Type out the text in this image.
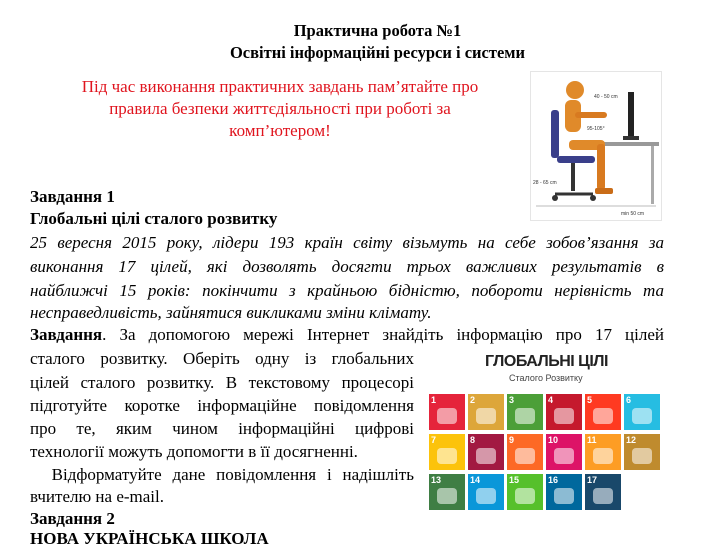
Практична робота №1
Освітні інформаційні ресурси і системи
Під час виконання практичних завдань пам’ятайте про
правила безпеки життєдіяльності при роботі за
комп’ютером!
40 - 50 cm
95-105°
28 - 65 cm
min 50 cm
Завдання 1
Глобальні цілі сталого розвитку
25 вересня 2015 року, лідери 193 країн світу візьмуть на себе зобов’язання за
виконання 17 цілей, які дозволять досягти трьох важливих результатів в
найближчі 15 років: покінчити з крайньою бідністю, побороти нерівність та
несправедливість, зайнятися викликами зміни клімату.
Завдання. За допомогою мережі Інтернет знайдіть інформацію про 17 цілей
сталого розвитку. Оберіть одну із глобальних
цілей сталого розвитку. В текстовому процесорі
підготуйте коротке інформаційне повідомлення
про те, яким чином інформаційні цифрові
технології можуть допомогти в її досягненні.
Відформатуйте дане повідомлення і надішліть
вчителю на e-mail.
Завдання 2
НОВА УКРАЇНСЬКА ШКОЛА
ГЛОБАЛЬНІ ЦІЛІ
Сталого Розвитку
1	2	3	4	5	6
7	8	9	10	11	12
13	14	15	16	17
